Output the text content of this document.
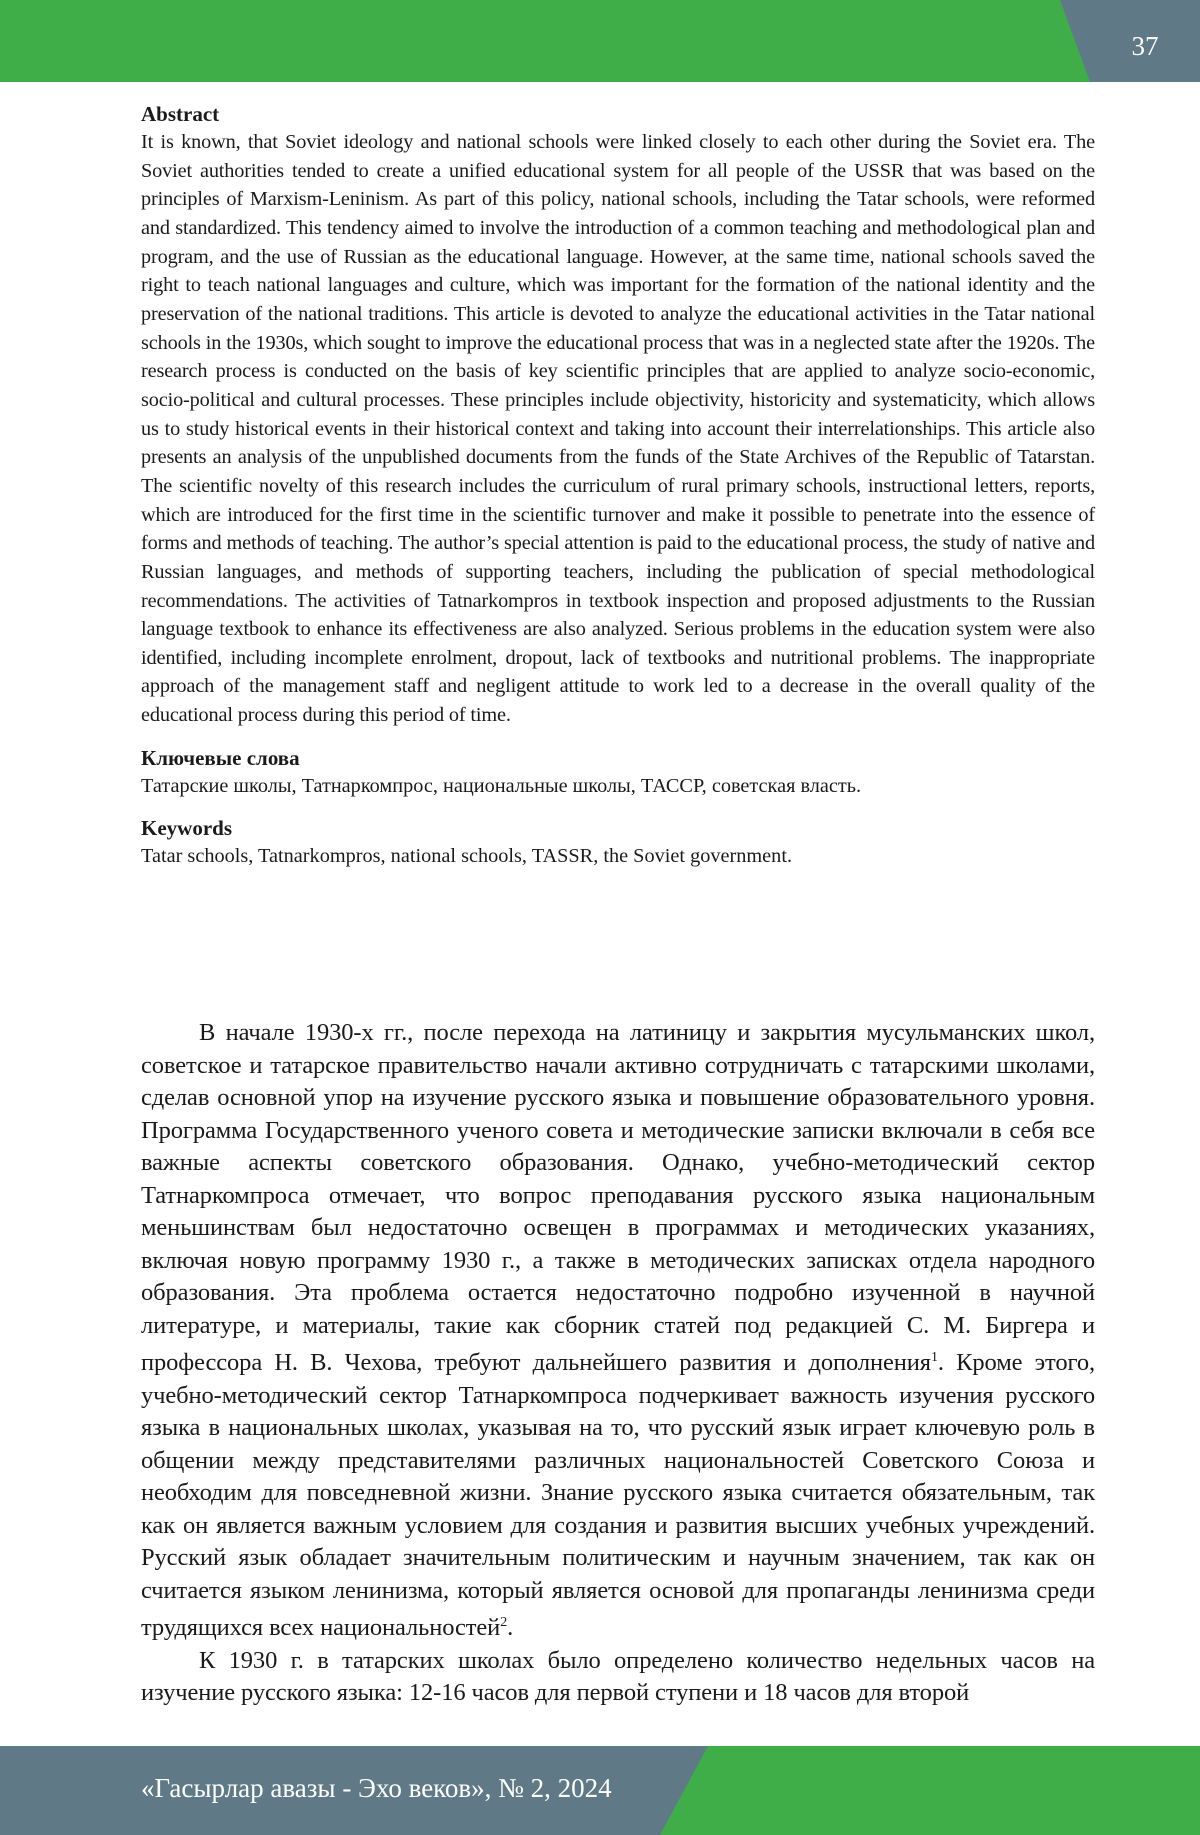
37

Abstract

It is known, that Soviet ideology and national schools were linked closely to each other during the Soviet era. The Soviet authorities tended to create a unified educational system for all people of the USSR that was based on the principles of Marxism-Leninism. As part of this policy, national schools, including the Tatar schools, were reformed and standardized. This tendency aimed to involve the introduction of a common teaching and methodological plan and program, and the use of Russian as the educational language. However, at the same time, national schools saved the right to teach national languages and culture, which was important for the formation of the national identity and the preservation of the national traditions. This article is devoted to analyze the educational activities in the Tatar national schools in the 1930s, which sought to improve the educational process that was in a neglected state after the 1920s. The research process is conducted on the basis of key scientific principles that are applied to analyze socio-economic, socio-political and cultural processes. These principles include objectivity, historicity and systematicity, which allows us to study historical events in their historical context and taking into account their interrelationships. This article also presents an analysis of the unpublished documents from the funds of the State Archives of the Republic of Tatarstan. The scientific novelty of this research includes the curriculum of rural primary schools, instructional letters, reports, which are introduced for the first time in the scientific turnover and make it possible to penetrate into the essence of forms and methods of teaching. The author’s special attention is paid to the educational process, the study of native and Russian languages, and methods of supporting teachers, including the publication of special methodological recommendations. The activities of Tatnarkompros in textbook inspection and proposed adjustments to the Russian language textbook to enhance its effectiveness are also analyzed. Serious problems in the education system were also identified, including incomplete enrolment, dropout, lack of textbooks and nutritional problems. The inappropriate approach of the management staff and negligent attitude to work led to a decrease in the overall quality of the educational process during this period of time.

Ключевые слова

Татарские школы, Татнаркомпрос, национальные школы, ТАССР, советская власть.

Keywords

Tatar schools, Tatnarkompros, national schools, TASSR, the Soviet government.

В начале 1930-х гг., после перехода на латиницу и закрытия мусульманских школ, советское и татарское правительство начали активно сотрудничать с татарскими школами, сделав основной упор на изучение русского языка и повышение образовательного уровня. Программа Государственного ученого совета и методические записки включали в себя все важные аспекты советского образования. Однако, учебно-методический сектор Татнаркомпроса отмечает, что вопрос преподавания русского языка национальным меньшинствам был недостаточно освещен в программах и методических указаниях, включая новую программу 1930 г., а также в методических записках отдела народного образования. Эта проблема остается недостаточно подробно изученной в научной литературе, и материалы, такие как сборник статей под редакцией С. М. Биргера и профессора Н. В. Чехова, требуют дальнейшего развития и дополнения$^1$. Кроме этого, учебно-методический сектор Татнаркомпроса подчеркивает важность изучения русского языка в национальных школах, указывая на то, что русский язык играет ключевую роль в общении между представителями различных национальностей Советского Союза и необходим для повседневной жизни. Знание русского языка считается обязательным, так как он является важным условием для создания и развития высших учебных учреждений. Русский язык обладает значительным политическим и научным значением, так как он считается языком ленинизма, который является основой для пропаганды ленинизма среди трудящихся всех национальностей$^2$.

К 1930 г. в татарских школах было определено количество недельных часов на изучение русского языка: 12-16 часов для первой ступени и 18 часов для второй

«Гасырлар авазы - Эхо веков», № 2, 2024
